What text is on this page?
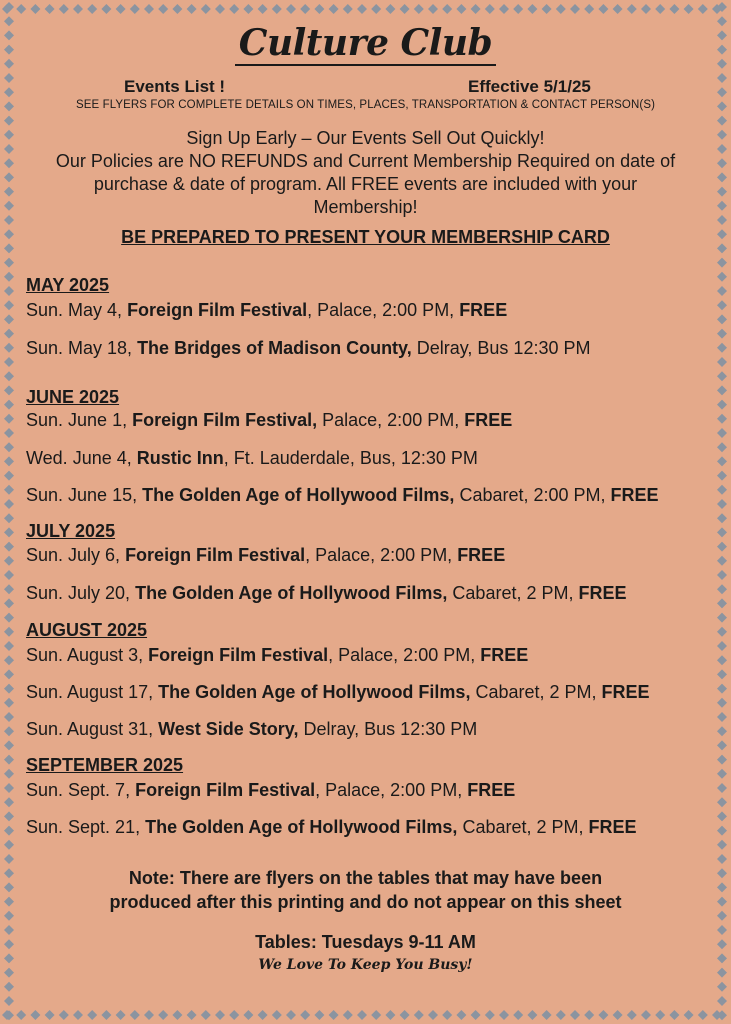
Culture Club
Events List !	Effective 5/1/25
SEE FLYERS FOR COMPLETE DETAILS ON TIMES, PLACES, TRANSPORTATION & CONTACT PERSON(S)
Sign Up Early – Our Events Sell Out Quickly!
Our Policies are NO REFUNDS and Current Membership Required on date of
purchase & date of program. All FREE events are included with your
Membership!
BE PREPARED TO PRESENT YOUR MEMBERSHIP CARD
MAY 2025
Sun. May 4, Foreign Film Festival, Palace, 2:00 PM, FREE
Sun. May 18, The Bridges of Madison County, Delray, Bus 12:30 PM
JUNE 2025
Sun. June 1, Foreign Film Festival, Palace, 2:00 PM, FREE
Wed. June 4, Rustic Inn, Ft. Lauderdale, Bus, 12:30 PM
Sun. June 15, The Golden Age of Hollywood Films, Cabaret, 2:00 PM, FREE
JULY 2025
Sun. July 6, Foreign Film Festival, Palace, 2:00 PM, FREE
Sun. July 20, The Golden Age of Hollywood Films, Cabaret, 2 PM, FREE
AUGUST 2025
Sun. August 3, Foreign Film Festival, Palace, 2:00 PM, FREE
Sun. August 17, The Golden Age of Hollywood Films, Cabaret, 2 PM, FREE
Sun. August 31, West Side Story, Delray, Bus 12:30 PM
SEPTEMBER 2025
Sun. Sept. 7, Foreign Film Festival, Palace, 2:00 PM, FREE
Sun. Sept. 21, The Golden Age of Hollywood Films, Cabaret, 2 PM, FREE
Note: There are flyers on the tables that may have been
produced after this printing and do not appear on this sheet
Tables: Tuesdays 9-11 AM
We Love To Keep You Busy!
